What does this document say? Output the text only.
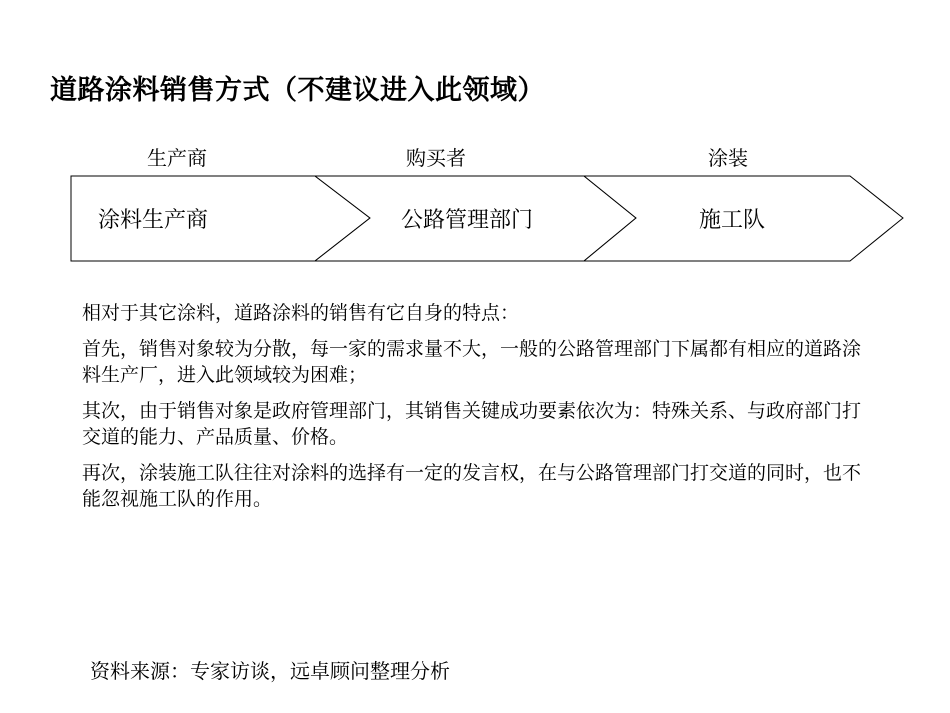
道路涂料销售方式（不建议进入此领域）
生产商	购买者	涂装
涂料生产商	公路管理部门	施工队

相对于其它涂料，道路涂料的销售有它自身的特点：

首先，销售对象较为分散，每一家的需求量不大，一般的公路管理部门下属都有相应的道路涂料生产厂，进入此领域较为困难；

其次，由于销售对象是政府管理部门，其销售关键成功要素依次为：特殊关系、与政府部门打交道的能力、产品质量、价格。

再次，涂装施工队往往对涂料的选择有一定的发言权，在与公路管理部门打交道的同时，也不能忽视施工队的作用。

资料来源：专家访谈，远卓顾问整理分析
